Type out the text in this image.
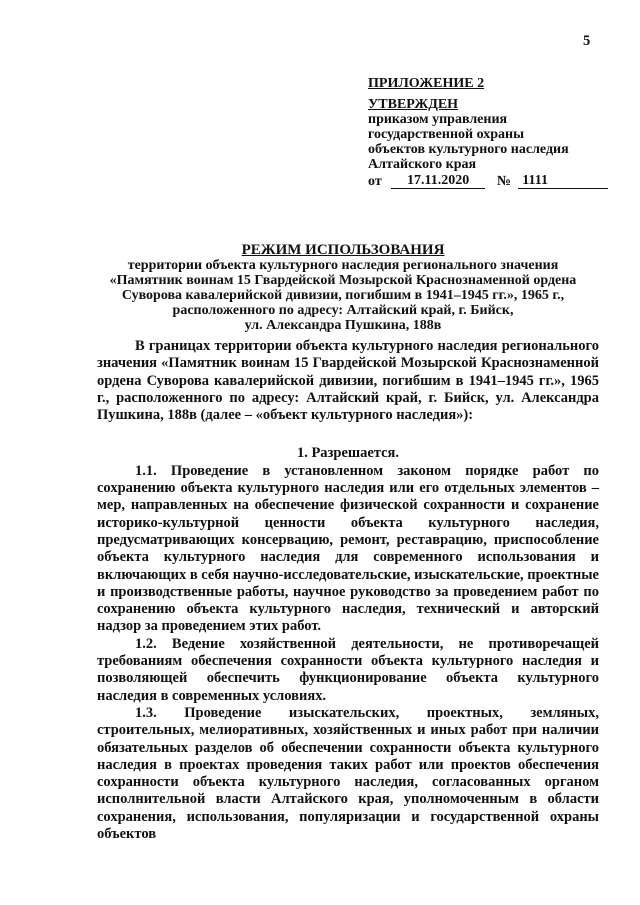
5
ПРИЛОЖЕНИЕ 2
УТВЕРЖДЕН
приказом управления
государственной охраны
объектов культурного наследия
Алтайского края
от	17.11.2020	№ 1111
РЕЖИМ ИСПОЛЬЗОВАНИЯ
территории объекта культурного наследия регионального значения
«Памятник воинам 15 Гвардейской Мозырской Краснознаменной ордена
Суворова кавалерийской дивизии, погибшим в 1941–1945 гг.», 1965 г.,
расположенного по адресу: Алтайский край, г. Бийск,
ул. Александра Пушкина, 188в

В границах территории объекта культурного наследия регионального значения «Памятник воинам 15 Гвардейской Мозырской Краснознаменной ордена Суворова кавалерийской дивизии, погибшим в 1941–1945 гг.», 1965 г., расположенного по адресу: Алтайский край, г. Бийск, ул. Александра Пушкина, 188в (далее – «объект культурного наследия»):

1. Разрешается.

1.1. Проведение в установленном законом порядке работ по сохранению объекта культурного наследия или его отдельных элементов – мер, направленных на обеспечение физической сохранности и сохранение историко-культурной ценности объекта культурного наследия, предусматривающих консервацию, ремонт, реставрацию, приспособление объекта культурного наследия для современного использования и включающих в себя научно-исследовательские, изыскательские, проектные и производственные работы, научное руководство за проведением работ по сохранению объекта культурного наследия, технический и авторский надзор за проведением этих работ.

1.2. Ведение хозяйственной деятельности, не противоречащей требованиям обеспечения сохранности объекта культурного наследия и позволяющей обеспечить функционирование объекта культурного наследия в современных условиях.

1.3. Проведение изыскательских, проектных, земляных, строительных, мелиоративных, хозяйственных и иных работ при наличии обязательных разделов об обеспечении сохранности объекта культурного наследия в проектах проведения таких работ или проектов обеспечения сохранности объекта культурного наследия, согласованных органом исполнительной власти Алтайского края, уполномоченным в области сохранения, использования, популяризации и государственной охраны объектов
